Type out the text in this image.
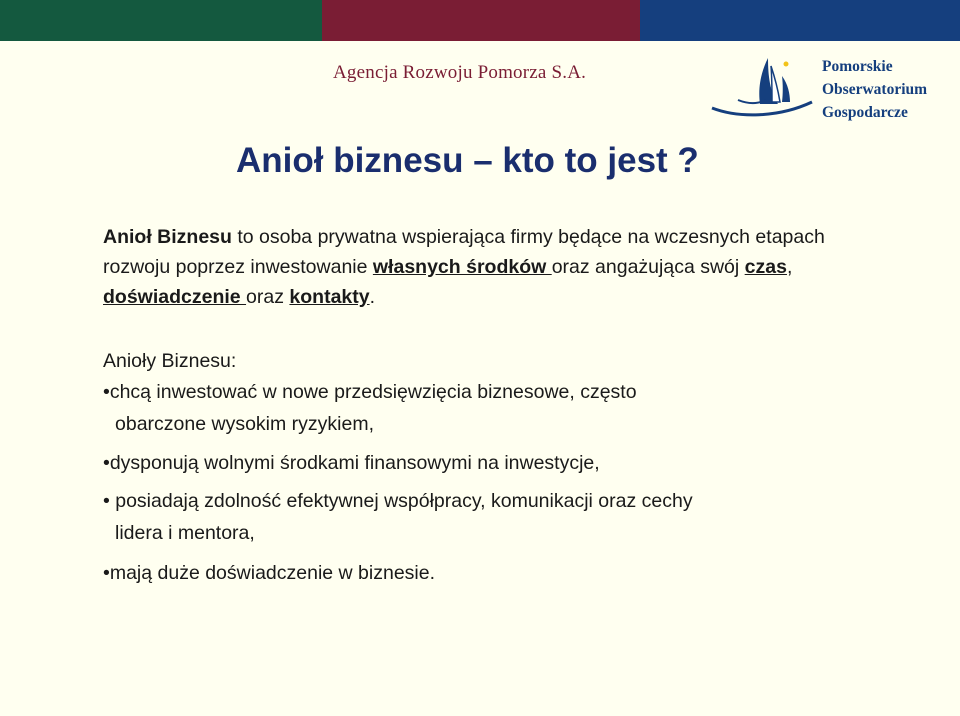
Agencja Rozwoju Pomorza S.A.	Pomorskie
Obserwatorium
Gospodarcze
Anioł biznesu – kto to jest ?
Anioł Biznesu to osoba prywatna wspierająca firmy będące na wczesnych etapach rozwoju poprzez inwestowanie własnych środków oraz angażująca swój czas, doświadczenie oraz kontakty.
Anioły Biznesu:
•chcą inwestować w nowe przedsięwzięcia biznesowe, często
obarczone wysokim ryzykiem,
•dysponują wolnymi środkami finansowymi na inwestycje,
• posiadają zdolność efektywnej współpracy, komunikacji oraz cechy
lidera i mentora,
•mają duże doświadczenie w biznesie.
